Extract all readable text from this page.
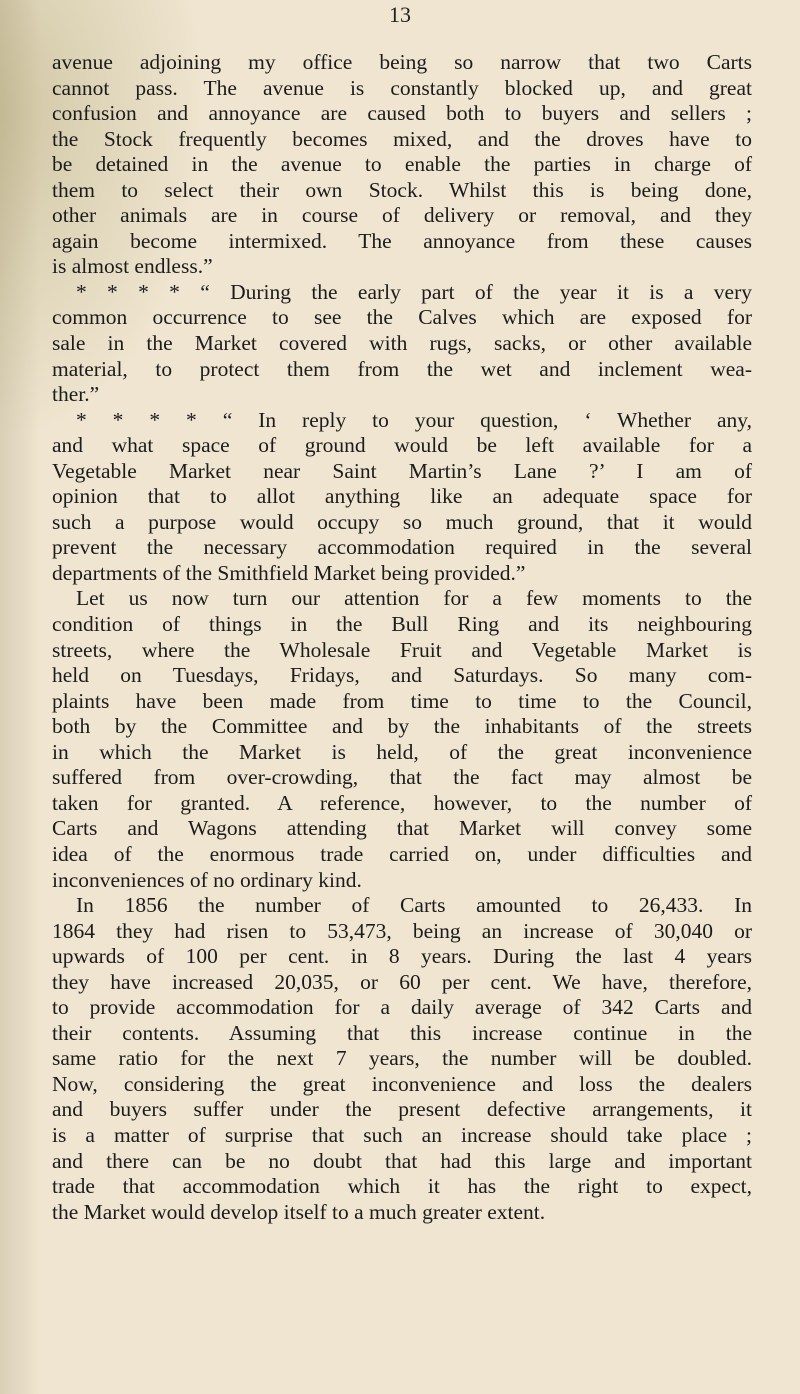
13

avenue adjoining my office being so narrow that two Carts

cannot pass. The avenue is constantly blocked up, and great

confusion and annoyance are caused both to buyers and sellers ;

the Stock frequently becomes mixed, and the droves have to

be detained in the avenue to enable the parties in charge of

them to select their own Stock. Whilst this is being done,

other animals are in course of delivery or removal, and they

again become intermixed. The annoyance from these causes

is almost endless.”

* * * * “ During the early part of the year it is a very

common occurrence to see the Calves which are exposed for

sale in the Market covered with rugs, sacks, or other available

material, to protect them from the wet and inclement wea-

ther.”

* * * * “ In reply to your question, ‘ Whether any,

and what space of ground would be left available for a

Vegetable Market near Saint Martin’s Lane ?’ I am of

opinion that to allot anything like an adequate space for

such a purpose would occupy so much ground, that it would

prevent the necessary accommodation required in the several

departments of the Smithfield Market being provided.”

Let us now turn our attention for a few moments to the

condition of things in the Bull Ring and its neighbouring

streets, where the Wholesale Fruit and Vegetable Market is

held on Tuesdays, Fridays, and Saturdays. So many com-

plaints have been made from time to time to the Council,

both by the Committee and by the inhabitants of the streets

in which the Market is held, of the great inconvenience

suffered from over-crowding, that the fact may almost be

taken for granted. A reference, however, to the number of

Carts and Wagons attending that Market will convey some

idea of the enormous trade carried on, under difficulties and

inconveniences of no ordinary kind.

In 1856 the number of Carts amounted to 26,433. In

1864 they had risen to 53,473, being an increase of 30,040 or

upwards of 100 per cent. in 8 years. During the last 4 years

they have increased 20,035, or 60 per cent. We have, therefore,

to provide accommodation for a daily average of 342 Carts and

their contents. Assuming that this increase continue in the

same ratio for the next 7 years, the number will be doubled.

Now, considering the great inconvenience and loss the dealers

and buyers suffer under the present defective arrangements, it

is a matter of surprise that such an increase should take place ;

and there can be no doubt that had this large and important

trade that accommodation which it has the right to expect,

the Market would develop itself to a much greater extent.
